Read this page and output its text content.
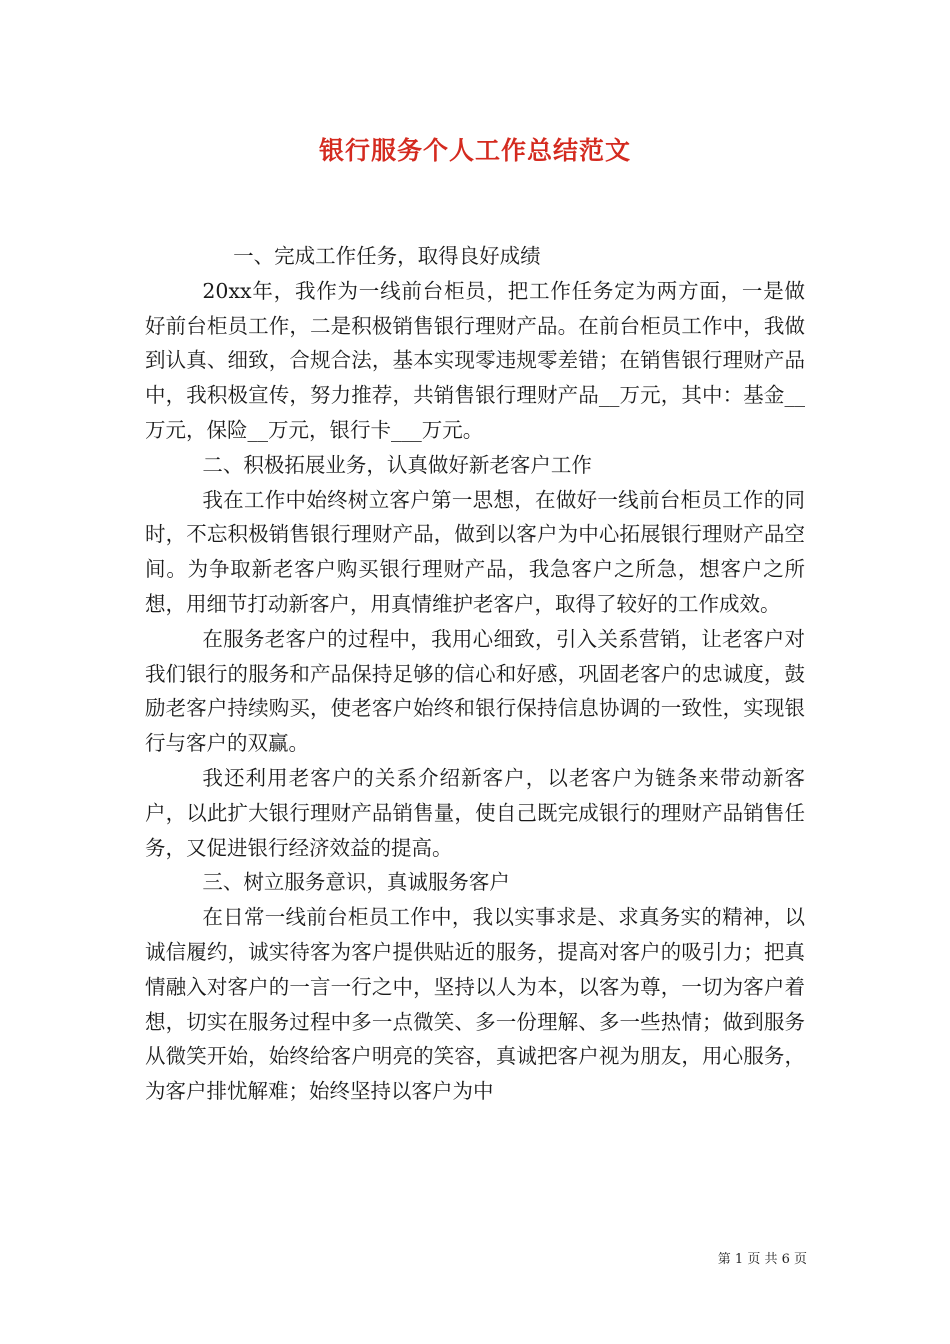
银行服务个人工作总结范文

一、完成工作任务，取得良好成绩

20xx年，我作为一线前台柜员，把工作任务定为两方面，一是做好前台柜员工作，二是积极销售银行理财产品。在前台柜员工作中，我做到认真、细致，合规合法，基本实现零违规零差错；在销售银行理财产品中，我积极宣传，努力推荐，共销售银行理财产品__万元，其中：基金__万元，保险__万元，银行卡___万元。

二、积极拓展业务，认真做好新老客户工作

我在工作中始终树立客户第一思想，在做好一线前台柜员工作的同时，不忘积极销售银行理财产品，做到以客户为中心拓展银行理财产品空间。为争取新老客户购买银行理财产品，我急客户之所急，想客户之所想，用细节打动新客户，用真情维护老客户，取得了较好的工作成效。

在服务老客户的过程中，我用心细致，引入关系营销，让老客户对我们银行的服务和产品保持足够的信心和好感，巩固老客户的忠诚度，鼓励老客户持续购买，使老客户始终和银行保持信息协调的一致性，实现银行与客户的双赢。

我还利用老客户的关系介绍新客户，以老客户为链条来带动新客户，以此扩大银行理财产品销售量，使自己既完成银行的理财产品销售任务，又促进银行经济效益的提高。

三、树立服务意识，真诚服务客户

在日常一线前台柜员工作中，我以实事求是、求真务实的精神，以诚信履约，诚实待客为客户提供贴近的服务，提高对客户的吸引力；把真情融入对客户的一言一行之中，坚持以人为本，以客为尊，一切为客户着想，切实在服务过程中多一点微笑、多一份理解、多一些热情；做到服务从微笑开始，始终给客户明亮的笑容，真诚把客户视为朋友，用心服务，为客户排忧解难；始终坚持以客户为中

第 1 页 共 6 页
